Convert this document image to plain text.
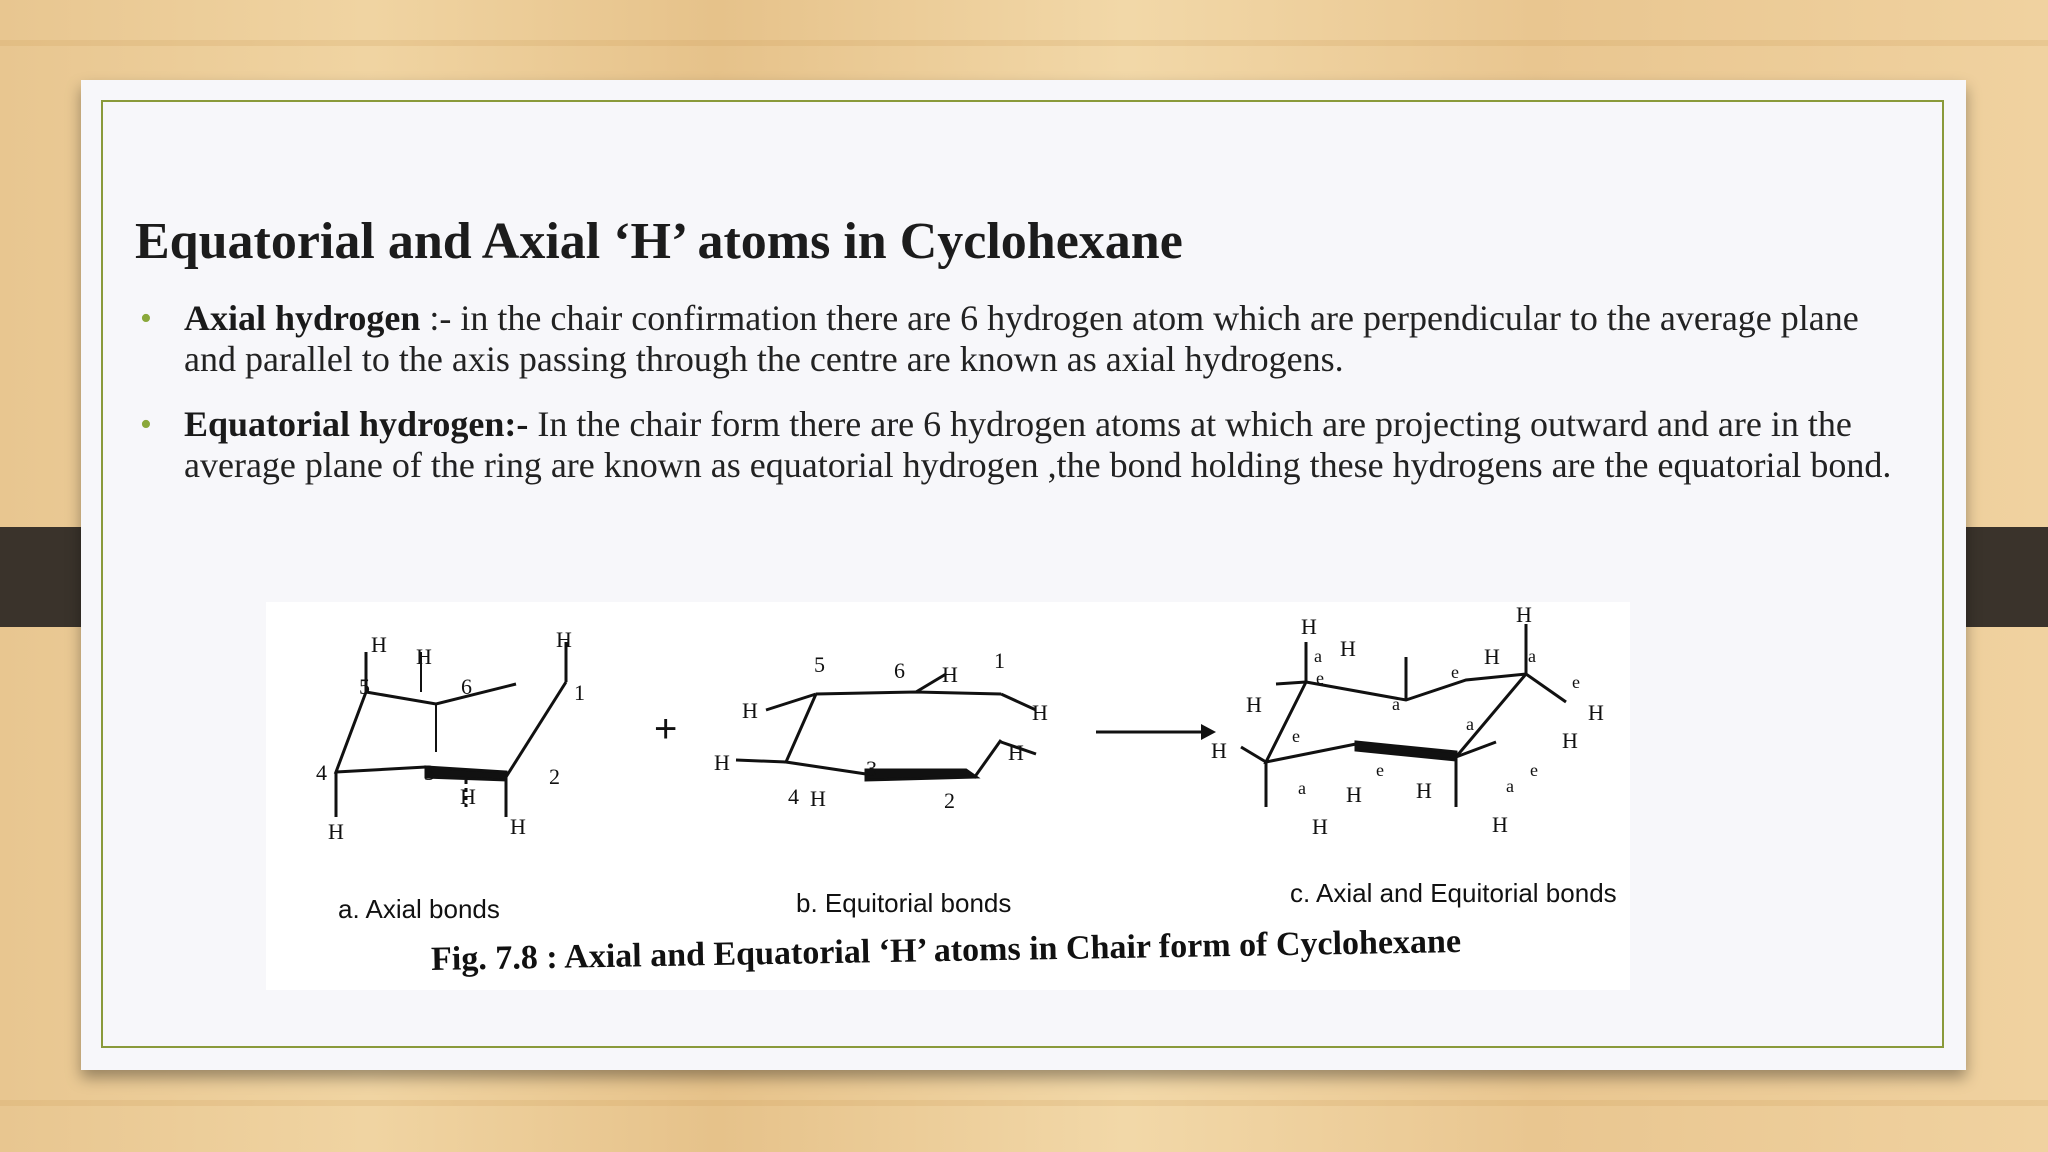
Equatorial and Axial ‘H’ atoms in Cyclohexane
• Axial hydrogen :- in the chair confirmation there are 6 hydrogen atom which are perpendicular to the average plane and parallel to the axis passing through the centre are known as axial hydrogens.
• Equatorial hydrogen:- In the chair form there are 6 hydrogen atoms at which are projecting outward and are in the average plane of the ring are known as equatorial hydrogen ,the bond holding these hydrogens are the equatorial bond.
H H
H
H
H
H
5	6	1
4	3	2
+	H
H
H
H
H
H
5	6	1
4
3
2
H	H
H	H
H
H
H
H
H H
H	H
a
a
a
a
a	a
e
e
e	e
e	e
a. Axial bonds	b. Equitorial bonds	c. Axial and Equitorial bonds
Fig. 7.8 : Axial and Equatorial ‘H’ atoms in Chair form of Cyclohexane
